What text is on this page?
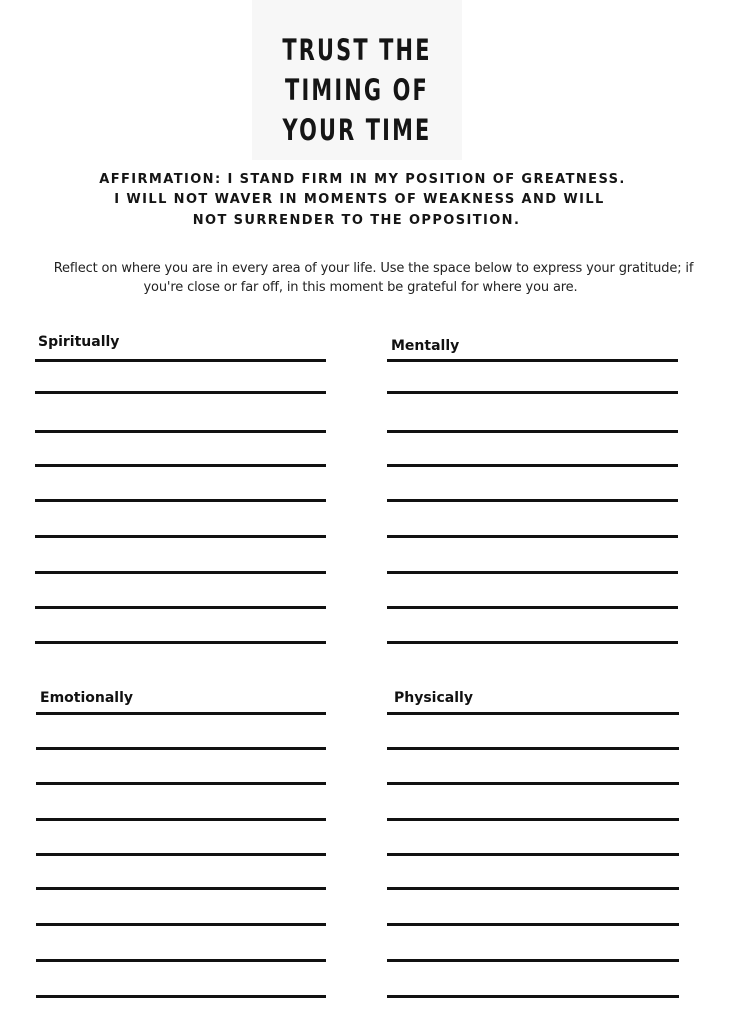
TRUST THE
TIMING OF
YOUR TIME
AFFIRMATION: I STAND FIRM IN MY POSITION OF GREATNESS.
I WILL NOT WAVER IN MOMENTS OF WEAKNESS AND WILL
NOT SURRENDER TO THE OPPOSITION.
Reflect on where you are in every area of your life. Use the space below to express your gratitude; if
you're close or far off, in this moment be grateful for where you are.
Spiritually	Mentally
Emotionally	Physically
